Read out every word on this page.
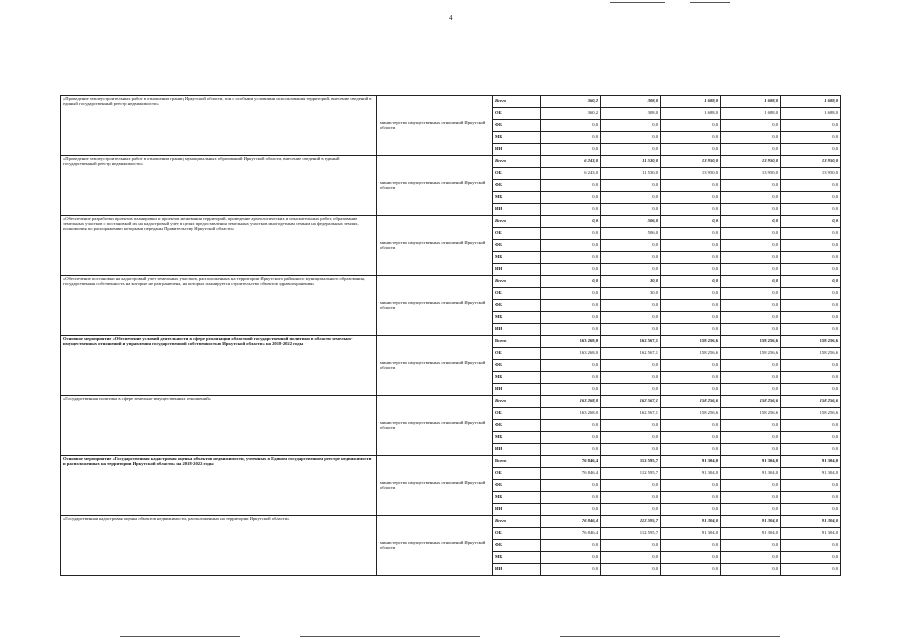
4
«Проведение землеустроительных работ в отношении границ Иркутской области, зон с особыми условиями использования территорий, внесение сведений в единый государственный реестр недвижимости»	министерство имущественных отношений Иркутской области	Всего	360,2	308,0	1 688,0	1 688,0	1 688,0
		ОБ	360,2	308,0	1 688,0	1 688,0	1 688,0
		ФБ	0,0	0,0	0,0	0,0	0,0
		МБ	0,0	0,0	0,0	0,0	0,0
		ИИ	0,0	0,0	0,0	0,0	0,0
«Проведение землеустроительных работ в отношении границ муниципальных образований Иркутской области, внесение сведений в единый государственный реестр недвижимости»	министерство имущественных отношений Иркутской области	Всего	6 243,0	11 530,0	13 950,0	13 950,0	13 950,0
		ОБ	6 243,0	11 530,0	13 950,0	13 950,0	13 950,0
		ФБ	0,0	0,0	0,0	0,0	0,0
		МБ	0,0	0,0	0,0	0,0	0,0
		ИИ	0,0	0,0	0,0	0,0	0,0
«Обеспечение разработки проектов планировки и проектов межевания территорий, проведение археологических и изыскательных работ, образование земельных участков с постановкой их на кадастровый учет в целях предоставления земельных участков многодетным семьям на федеральных землях, полномочия по распоряжению которыми переданы Правительству Иркутской области»	министерство имущественных отношений Иркутской области	Всего	0,0	506,0	0,0	0,0	0,0
		ОБ	0,0	506,0	0,0	0,0	0,0
		ФБ	0,0	0,0	0,0	0,0	0,0
		МБ	0,0	0,0	0,0	0,0	0,0
		ИИ	0,0	0,0	0,0	0,0	0,0
«Обеспечение постановки на кадастровый учет земельных участков, расположенных на территории Иркутского районного муниципального образования, государственная собственность на которые не разграничена, на которых планируется строительство объектов здравоохранения»	министерство имущественных отношений Иркутской области	Всего	0,0	30,0	0,0	0,0	0,0
		ОБ	0,0	30,0	0,0	0,0	0,0
		ФБ	0,0	0,0	0,0	0,0	0,0
		МБ	0,0	0,0	0,0	0,0	0,0
		ИИ	0,0	0,0	0,0	0,0	0,0
Основное мероприятие «Обеспечение условий деятельности в сфере реализации областной государственной политики в области земельно-имущественных отношений и управления государственной собственностью Иркутской области» на 2018-2022 годы	министерство имущественных отношений Иркутской области	Всего	163 268,0	162 567,1	158 256,6	158 256,6	158 256,6
		ОБ	163 268,0	162 567,1	158 256,6	158 256,6	158 256,6
		ФБ	0,0	0,0	0,0	0,0	0,0
		МБ	0,0	0,0	0,0	0,0	0,0
		ИИ	0,0	0,0	0,0	0,0	0,0
«Государственная политика в сфере земельно-имущественных отношений»	министерство имущественных отношений Иркутской области	Всего	163 268,0	162 567,1	158 256,6	158 256,6	158 256,6
		ОБ	163 268,0	162 567,1	158 256,6	158 256,6	158 256,6
		ФБ	0,0	0,0	0,0	0,0	0,0
		МБ	0,0	0,0	0,0	0,0	0,0
		ИИ	0,0	0,0	0,0	0,0	0,0
Основное мероприятие «Государственная кадастровая оценка объектов недвижимости, учтенных в Едином государственном реестре недвижимости и расположенных на территории Иркутской области» на 2018-2022 годы	министерство имущественных отношений Иркутской области	Всего	76 846,4	112 595,7	91 304,0	91 304,0	91 304,0
		ОБ	76 846,4	112 595,7	91 304,0	91 304,0	91 304,0
		ФБ	0,0	0,0	0,0	0,0	0,0
		МБ	0,0	0,0	0,0	0,0	0,0
		ИИ	0,0	0,0	0,0	0,0	0,0
«Государственная кадастровая оценка объектов недвижимости, расположенных на территории Иркутской области»	министерство имущественных отношений Иркутской области	Всего	76 846,4	112 595,7	91 304,0	91 304,0	91 304,0
		ОБ	76 846,4	112 595,7	91 304,0	91 304,0	91 304,0
		ФБ	0,0	0,0	0,0	0,0	0,0
		МБ	0,0	0,0	0,0	0,0	0,0
		ИИ	0,0	0,0	0,0	0,0	0,0
